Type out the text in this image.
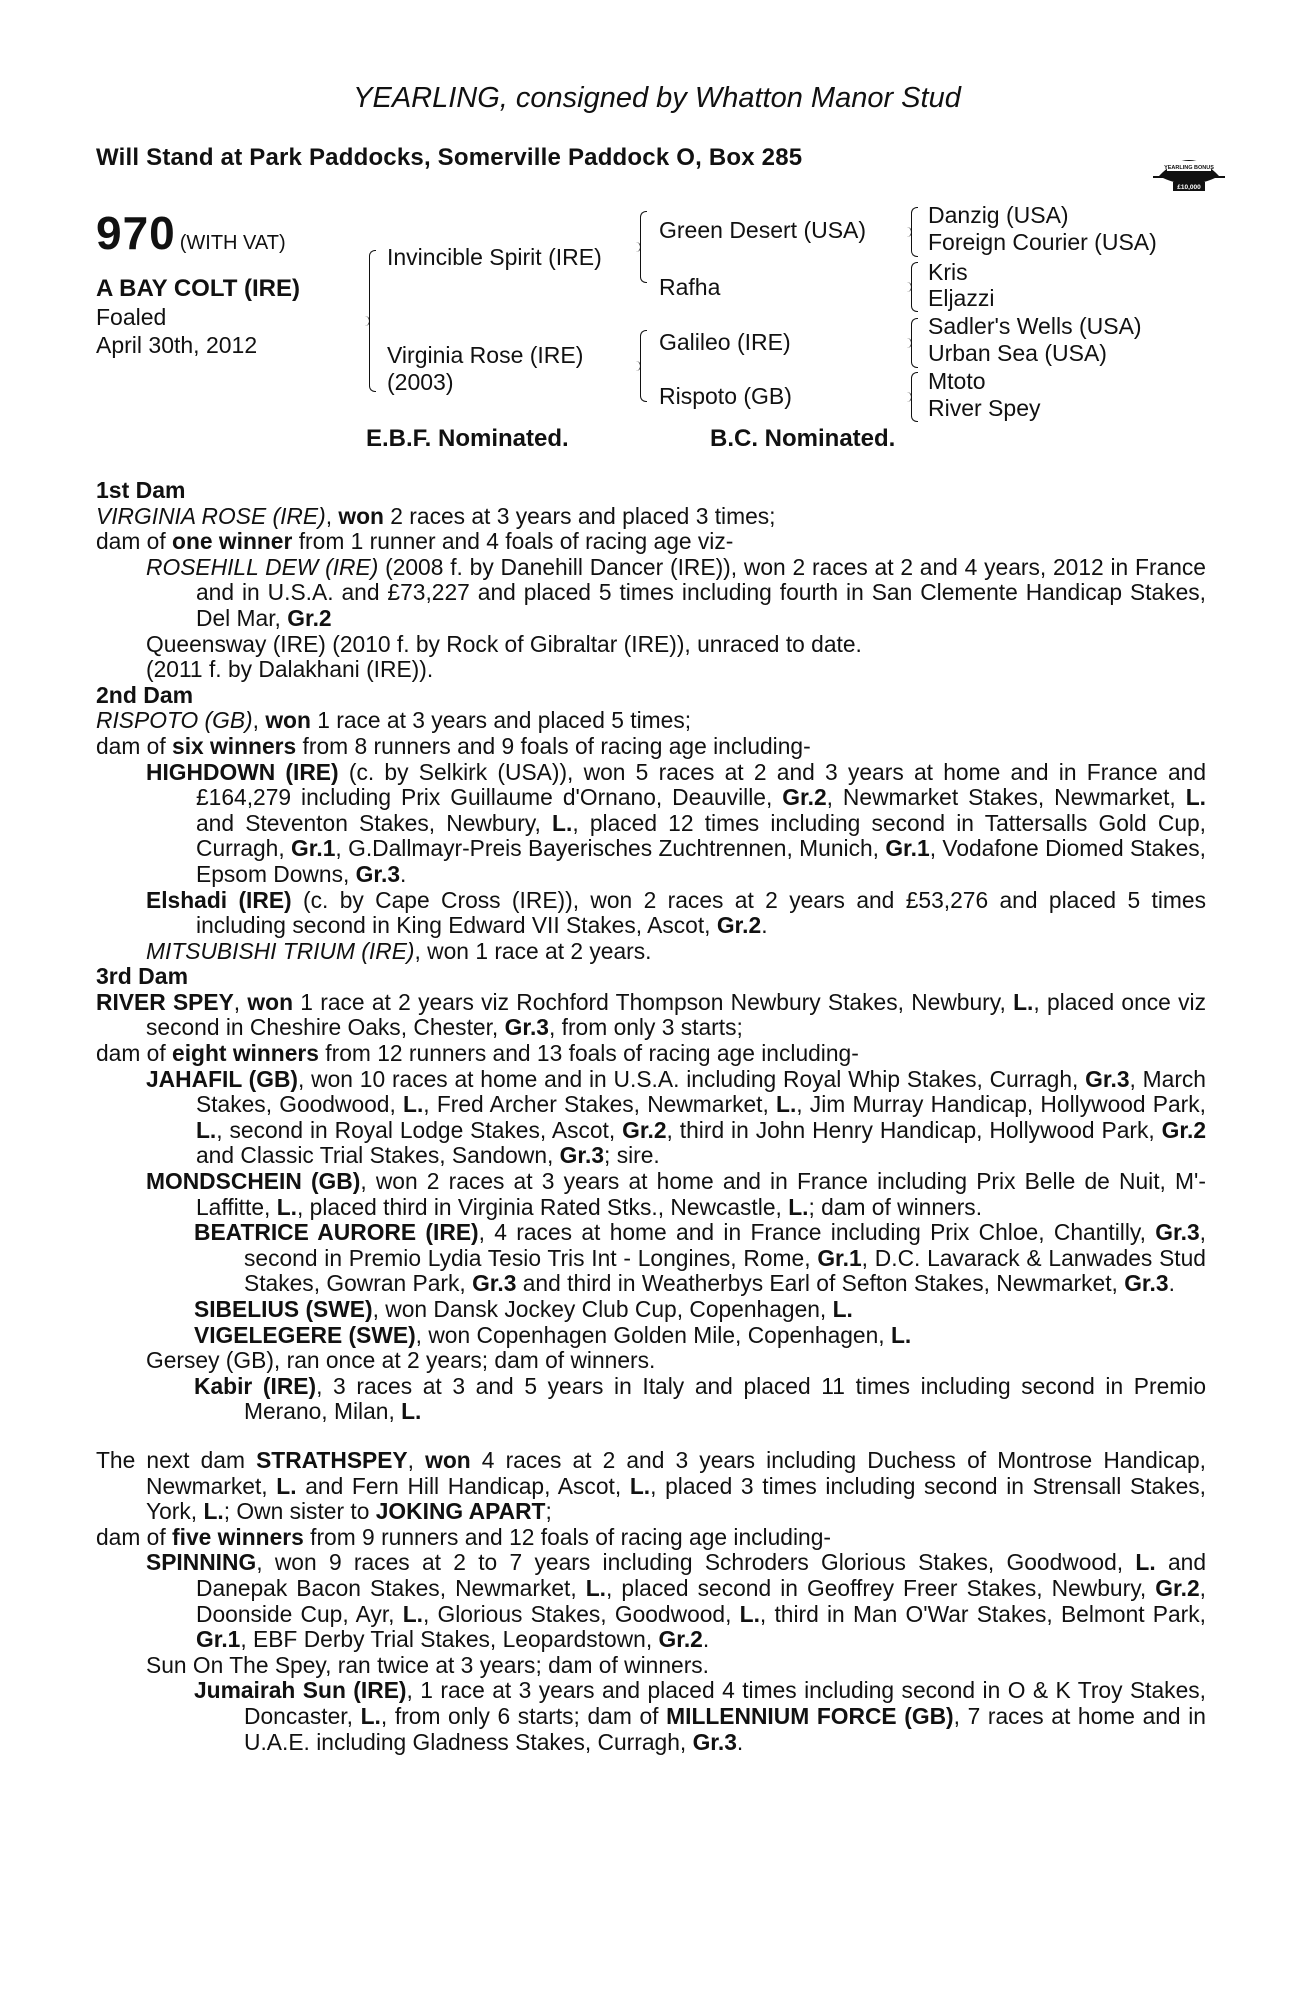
YEARLING, consigned by Whatton Manor Stud
Will Stand at Park Paddocks, Somerville Paddock O, Box 285	RACING POST
YEARLING BONUS
£10,000
970 (WITH VAT)
A BAY COLT (IRE)
Foaled
April 30th, 2012
Invincible Spirit (IRE)
Virginia Rose (IRE)
(2003)
Green Desert (USA)
Rafha
Galileo (IRE)
Rispoto (GB)
Danzig (USA)
Foreign Courier (USA)
Kris
Eljazzi
Sadler's Wells (USA)
Urban Sea (USA)
Mtoto
River Spey
E.B.F. Nominated.	B.C. Nominated.
1st Dam
VIRGINIA ROSE (IRE), won 2 races at 3 years and placed 3 times;
dam of one winner from 1 runner and 4 foals of racing age viz-
ROSEHILL DEW (IRE) (2008 f. by Danehill Dancer (IRE)), won 2 races at 2 and 4 years, 2012 in France and in U.S.A. and £73,227 and placed 5 times including fourth in San Clemente Handicap Stakes, Del Mar, Gr.2
Queensway (IRE) (2010 f. by Rock of Gibraltar (IRE)), unraced to date.
(2011 f. by Dalakhani (IRE)).
2nd Dam
RISPOTO (GB), won 1 race at 3 years and placed 5 times;
dam of six winners from 8 runners and 9 foals of racing age including-
HIGHDOWN (IRE) (c. by Selkirk (USA)), won 5 races at 2 and 3 years at home and in France and £164,279 including Prix Guillaume d'Ornano, Deauville, Gr.2, Newmarket Stakes, Newmarket, L. and Steventon Stakes, Newbury, L., placed 12 times including second in Tattersalls Gold Cup, Curragh, Gr.1, G.Dallmayr-Preis Bayerisches Zuchtrennen, Munich, Gr.1, Vodafone Diomed Stakes, Epsom Downs, Gr.3.
Elshadi (IRE) (c. by Cape Cross (IRE)), won 2 races at 2 years and £53,276 and placed 5 times including second in King Edward VII Stakes, Ascot, Gr.2.
MITSUBISHI TRIUM (IRE), won 1 race at 2 years.
3rd Dam
RIVER SPEY, won 1 race at 2 years viz Rochford Thompson Newbury Stakes, Newbury, L., placed once viz second in Cheshire Oaks, Chester, Gr.3, from only 3 starts;
dam of eight winners from 12 runners and 13 foals of racing age including-
JAHAFIL (GB), won 10 races at home and in U.S.A. including Royal Whip Stakes, Curragh, Gr.3, March Stakes, Goodwood, L., Fred Archer Stakes, Newmarket, L., Jim Murray Handicap, Hollywood Park, L., second in Royal Lodge Stakes, Ascot, Gr.2, third in John Henry Handicap, Hollywood Park, Gr.2 and Classic Trial Stakes, Sandown, Gr.3; sire.
MONDSCHEIN (GB), won 2 races at 3 years at home and in France including Prix Belle de Nuit, M'-Laffitte, L., placed third in Virginia Rated Stks., Newcastle, L.; dam of winners.
BEATRICE AURORE (IRE), 4 races at home and in France including Prix Chloe, Chantilly, Gr.3, second in Premio Lydia Tesio Tris Int - Longines, Rome, Gr.1, D.C. Lavarack & Lanwades Stud Stakes, Gowran Park, Gr.3 and third in Weatherbys Earl of Sefton Stakes, Newmarket, Gr.3.
SIBELIUS (SWE), won Dansk Jockey Club Cup, Copenhagen, L.
VIGELEGERE (SWE), won Copenhagen Golden Mile, Copenhagen, L.
Gersey (GB), ran once at 2 years; dam of winners.
Kabir (IRE), 3 races at 3 and 5 years in Italy and placed 11 times including second in Premio Merano, Milan, L.
The next dam STRATHSPEY, won 4 races at 2 and 3 years including Duchess of Montrose Handicap, Newmarket, L. and Fern Hill Handicap, Ascot, L., placed 3 times including second in Strensall Stakes, York, L.; Own sister to JOKING APART;
dam of five winners from 9 runners and 12 foals of racing age including-
SPINNING, won 9 races at 2 to 7 years including Schroders Glorious Stakes, Goodwood, L. and Danepak Bacon Stakes, Newmarket, L., placed second in Geoffrey Freer Stakes, Newbury, Gr.2, Doonside Cup, Ayr, L., Glorious Stakes, Goodwood, L., third in Man O'War Stakes, Belmont Park, Gr.1, EBF Derby Trial Stakes, Leopardstown, Gr.2.
Sun On The Spey, ran twice at 3 years; dam of winners.
Jumairah Sun (IRE), 1 race at 3 years and placed 4 times including second in O & K Troy Stakes, Doncaster, L., from only 6 starts; dam of MILLENNIUM FORCE (GB), 7 races at home and in U.A.E. including Gladness Stakes, Curragh, Gr.3.
